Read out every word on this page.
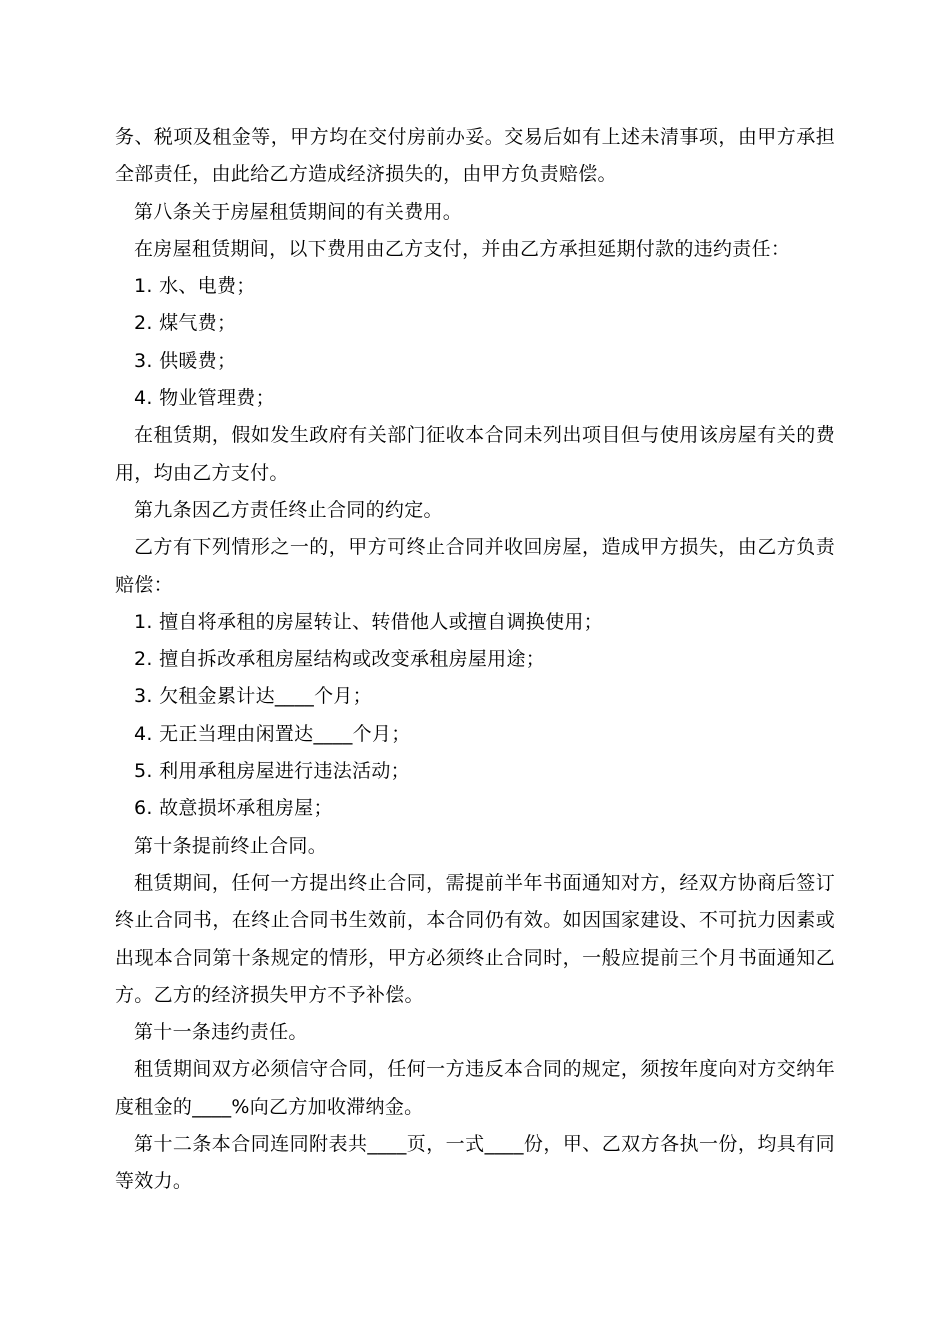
务、税项及租金等，甲方均在交付房前办妥。交易后如有上述未清事项，由甲方承担全部责任，由此给乙方造成经济损失的，由甲方负责赔偿。

第八条关于房屋租赁期间的有关费用。

在房屋租赁期间，以下费用由乙方支付，并由乙方承担延期付款的违约责任：

1. 水、电费；

2. 煤气费；

3. 供暖费；

4. 物业管理费；

在租赁期，假如发生政府有关部门征收本合同未列出项目但与使用该房屋有关的费用，均由乙方支付。

第九条因乙方责任终止合同的约定。

乙方有下列情形之一的，甲方可终止合同并收回房屋，造成甲方损失，由乙方负责赔偿：

1. 擅自将承租的房屋转让、转借他人或擅自调换使用；

2. 擅自拆改承租房屋结构或改变承租房屋用途；

3. 欠租金累计达____个月；

4. 无正当理由闲置达____个月；

5. 利用承租房屋进行违法活动；

6. 故意损坏承租房屋；

第十条提前终止合同。

租赁期间，任何一方提出终止合同，需提前半年书面通知对方，经双方协商后签订终止合同书，在终止合同书生效前，本合同仍有效。如因国家建设、不可抗力因素或出现本合同第十条规定的情形，甲方必须终止合同时，一般应提前三个月书面通知乙方。乙方的经济损失甲方不予补偿。

第十一条违约责任。

租赁期间双方必须信守合同，任何一方违反本合同的规定，须按年度向对方交纳年度租金的____%向乙方加收滞纳金。

第十二条本合同连同附表共____页，一式____份，甲、乙双方各执一份，均具有同等效力。
